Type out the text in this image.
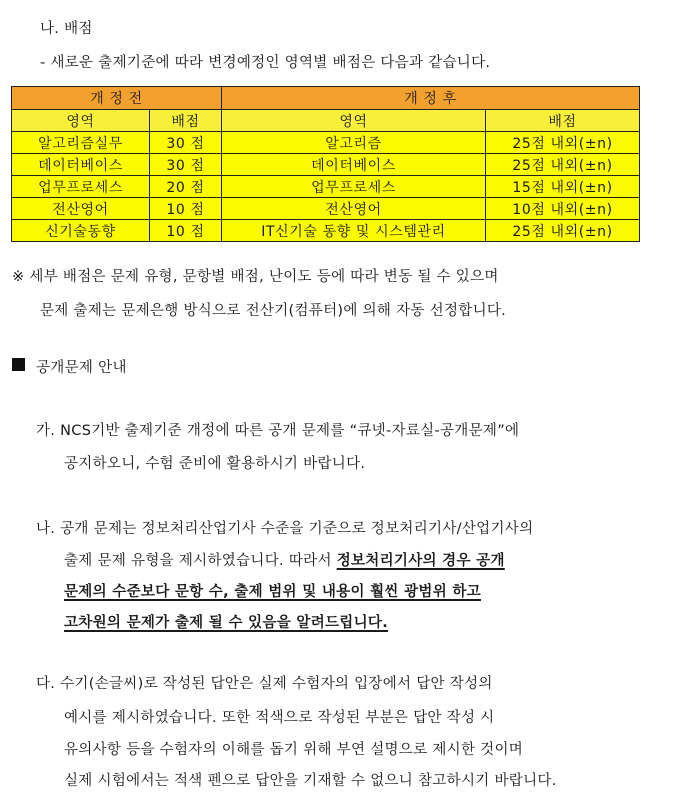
나. 배점
- 새로운 출제기준에 따라 변경예정인 영역별 배점은 다음과 같습니다.
개 정 전		개 정 후	
영역	배점	영역	배점
알고리즘실무	30 점	알고리즘	25점 내외(±n)
데이터베이스	30 점	데이터베이스	25점 내외(±n)
업무프로세스	20 점	업무프로세스	15점 내외(±n)
전산영어	10 점	전산영어	10점 내외(±n)
신기술동향	10 점	IT신기술 동향 및 시스템관리	25점 내외(±n)
※ 세부 배점은 문제 유형, 문항별 배점, 난이도 등에 따라 변동 될 수 있으며
문제 출제는 문제은행 방식으로 전산기(컴퓨터)에 의해 자동 선정합니다.
공개문제 안내
가. NCS기반 출제기준 개정에 따른 공개 문제를 “큐넷-자료실-공개문제”에
공지하오니, 수험 준비에 활용하시기 바랍니다.
나. 공개 문제는 정보처리산업기사 수준을 기준으로 정보처리기사/산업기사의
출제 문제 유형을 제시하였습니다. 따라서 정보처리기사의 경우 공개
문제의 수준보다 문항 수, 출제 범위 및 내용이 훨씬 광범위 하고
고차원의 문제가 출제 될 수 있음을 알려드립니다.
다. 수기(손글씨)로 작성된 답안은 실제 수험자의 입장에서 답안 작성의
예시를 제시하였습니다. 또한 적색으로 작성된 부분은 답안 작성 시
유의사항 등을 수험자의 이해를 돕기 위해 부연 설명으로 제시한 것이며
실제 시험에서는 적색 펜으로 답안을 기재할 수 없으니 참고하시기 바랍니다.
